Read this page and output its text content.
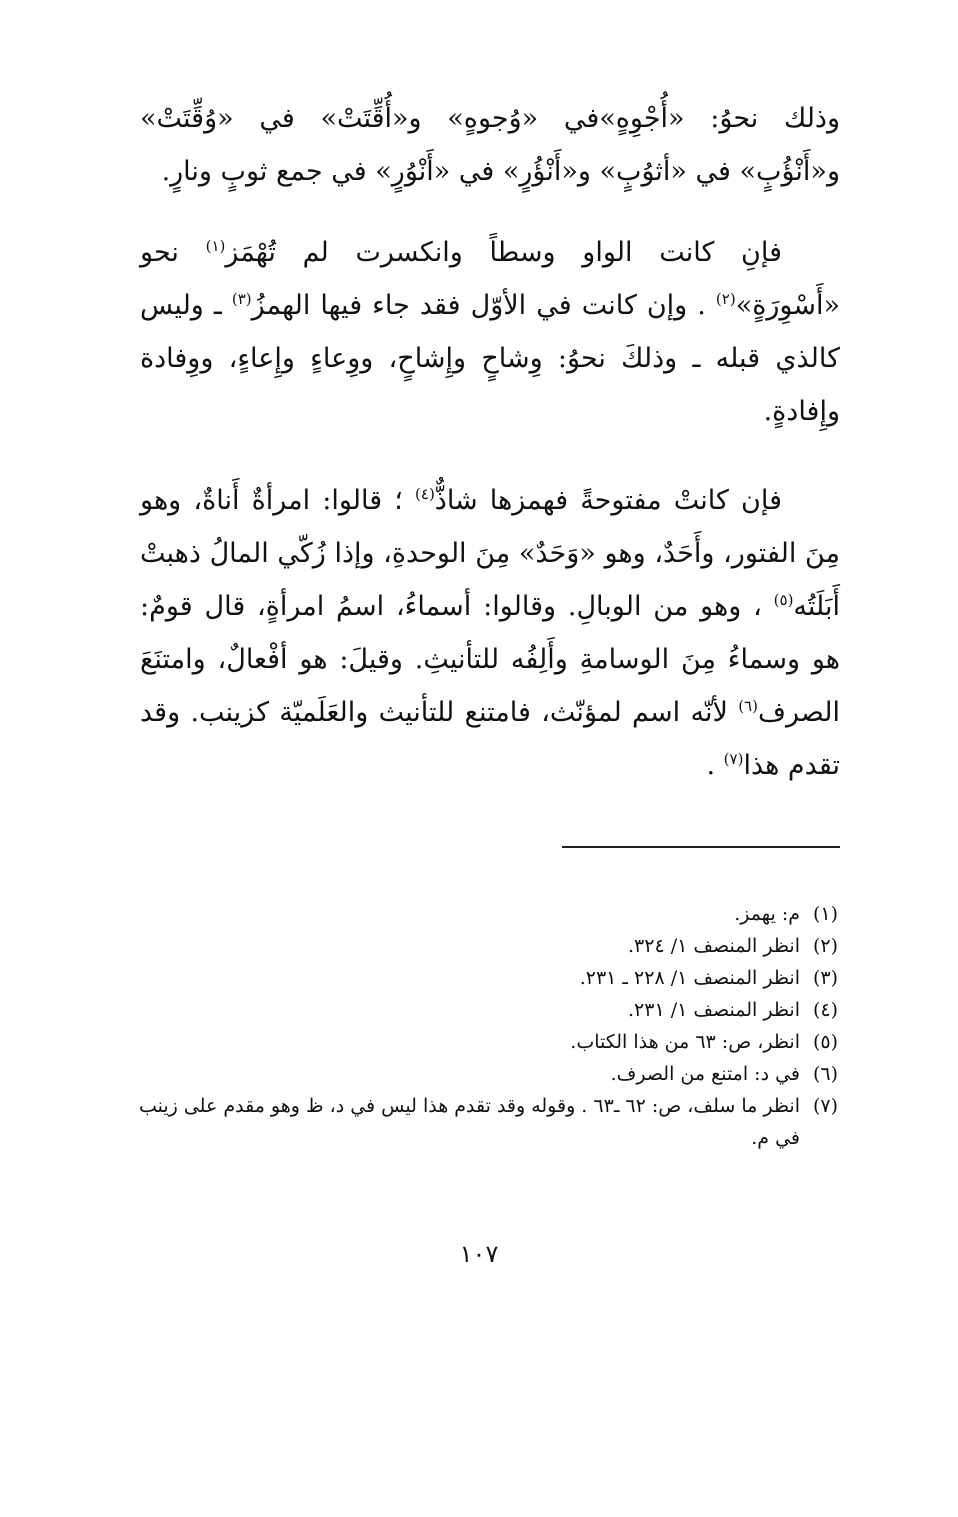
وذلك نحوُ: «أُجْوِهٍ»في «وُجوهٍ» و«أُقِّتَتْ» في «وُقِّتَتْ» و«أَنْؤُبٍ» في «أثوُبٍ» و«أَنْؤُرٍ» في «أَنْوُرٍ» في جمع ثوبٍ ونارٍ.

فإنِ كانت الواو وسطاً وانكسرت لم تُهْمَز$^{(١)}$ نحو «أَسْوِرَةٍ»$^{(٢)}$ . وإن كانت في الأوّل فقد جاء فيها الهمزُ$^{(٣)}$ ـ وليس كالذي قبله ـ وذلكَ نحوُ: وِشاحٍ وإِشاحٍ، ووِعاءٍ وإِعاءٍ، ووِفادة وإِفادةٍ.

فإن كانتْ مفتوحةً فهمزها شاذٌّ$^{(٤)}$ ؛ قالوا: امرأةٌ أَناةٌ، وهو مِنَ الفتور، وأَحَدٌ، وهو «وَحَدٌ» مِنَ الوحدةِ، وإذا زُكّي المالُ ذهبتْ أَبَلَتُه$^{(٥)}$ ، وهو من الوبالِ. وقالوا: أسماءُ، اسمُ امرأةٍ، قال قومٌ: هو وسماءُ مِنَ الوسامةِ وأَلِفُه للتأنيثِ. وقيلَ: هو أفْعالٌ، وامتنَعَ الصرف$^{(٦)}$ لأنّه اسم لمؤنّث، فامتنع للتأنيث والعَلَميّة كزينب. وقد تقدم هذا$^{(٧)}$ .

(١)
م: يهمز.
(٢)
انظر المنصف ١/ ٣٢٤.
(٣)
انظر المنصف ١/ ٢٢٨ ـ ٢٣١.
(٤)
انظر المنصف ١/ ٢٣١.
(٥)
انظر، ص: ٦٣ من هذا الكتاب.
(٦)
في د: امتنع من الصرف.
(٧)
انظر ما سلف، ص: ٦٢ ـ٦٣ . وقوله وقد تقدم هذا ليس في د، ظ وهو مقدم على زينب في م.
١٠٧
